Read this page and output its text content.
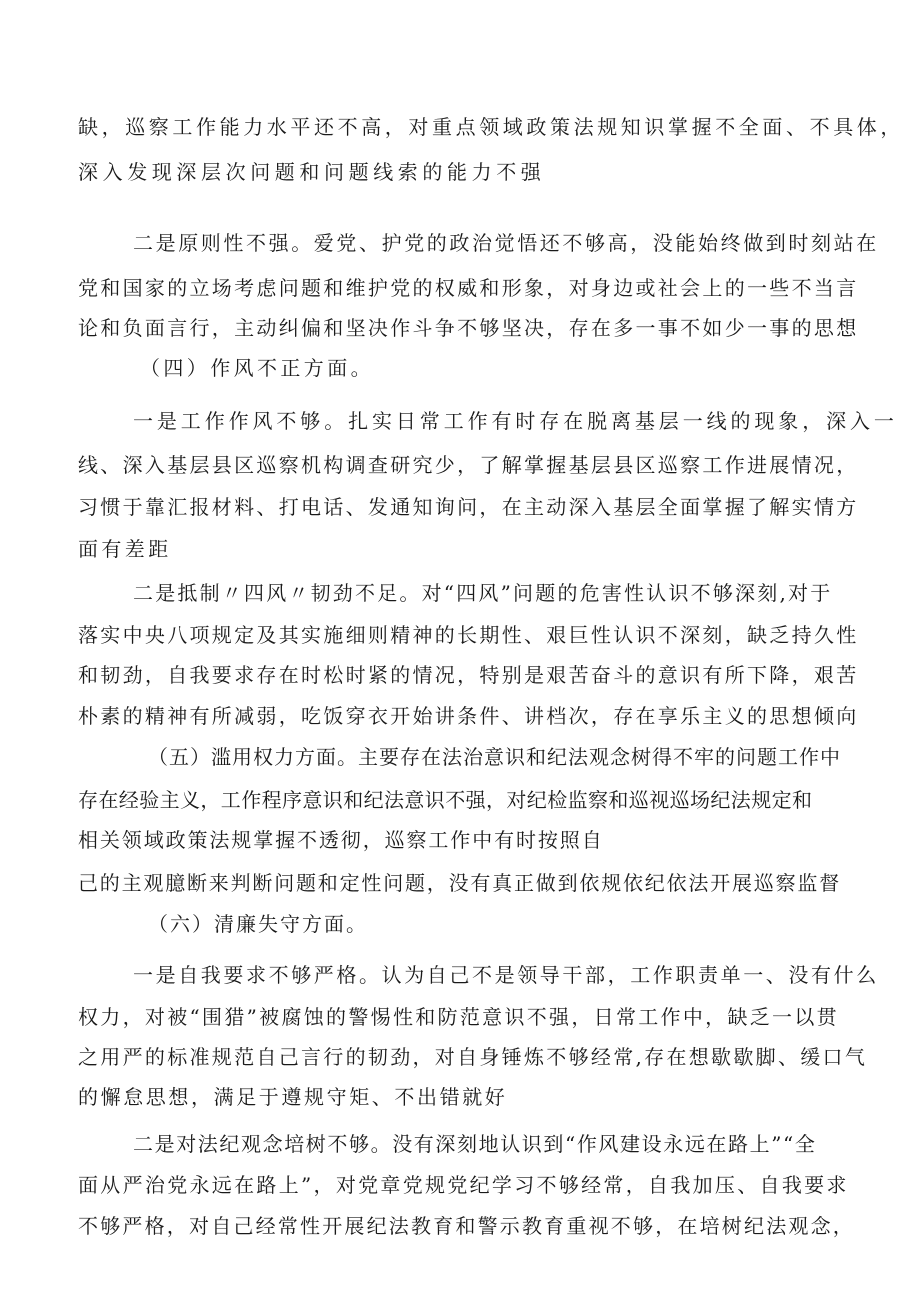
缺，巡察工作能力水平还不高，对重点领域政策法规知识掌握不全面、不具体，
深入发现深层次问题和问题线索的能力不强
二是原则性不强。爱党、护党的政治觉悟还不够高，没能始终做到时刻站在
党和国家的立场考虑问题和维护党的权威和形象，对身边或社会上的一些不当言
论和负面言行，主动纠偏和坚决作斗争不够坚决，存在多一事不如少一事的思想
（四）作风不正方面。
一是工作作风不够。扎实日常工作有时存在脱离基层一线的现象，深入一
线、深入基层县区巡察机构调查研究少，了解掌握基层县区巡察工作进展情况，
习惯于靠汇报材料、打电话、发通知询问，在主动深入基层全面掌握了解实情方
面有差距
二是抵制〃四风〃韧劲不足。对“四风”问题的危害性认识不够深刻,对于
落实中央八项规定及其实施细则精神的长期性、艰巨性认识不深刻，缺乏持久性
和韧劲，自我要求存在时松时紧的情况，特别是艰苦奋斗的意识有所下降，艰苦
朴素的精神有所减弱，吃饭穿衣开始讲条件、讲档次，存在享乐主义的思想倾向
（五）滥用权力方面。主要存在法治意识和纪法观念树得不牢的问题工作中
存在经验主义，工作程序意识和纪法意识不强，对纪检监察和巡视巡场纪法规定和
相关领域政策法规掌握不透彻，巡察工作中有时按照自
己的主观臆断来判断问题和定性问题，没有真正做到依规依纪依法开展巡察监督
（六）清廉失守方面。
一是自我要求不够严格。认为自己不是领导干部，工作职责单一、没有什么
权力，对被“围猎”被腐蚀的警惕性和防范意识不强，日常工作中，缺乏一以贯
之用严的标准规范自己言行的韧劲，对自身锤炼不够经常,存在想歇歇脚、缓口气
的懈怠思想，满足于遵规守矩、不出错就好
二是对法纪观念培树不够。没有深刻地认识到“作风建设永远在路上”“全
面从严治党永远在路上”，对党章党规党纪学习不够经常，自我加压、自我要求
不够严格，对自己经常性开展纪法教育和警示教育重视不够，在培树纪法观念，
